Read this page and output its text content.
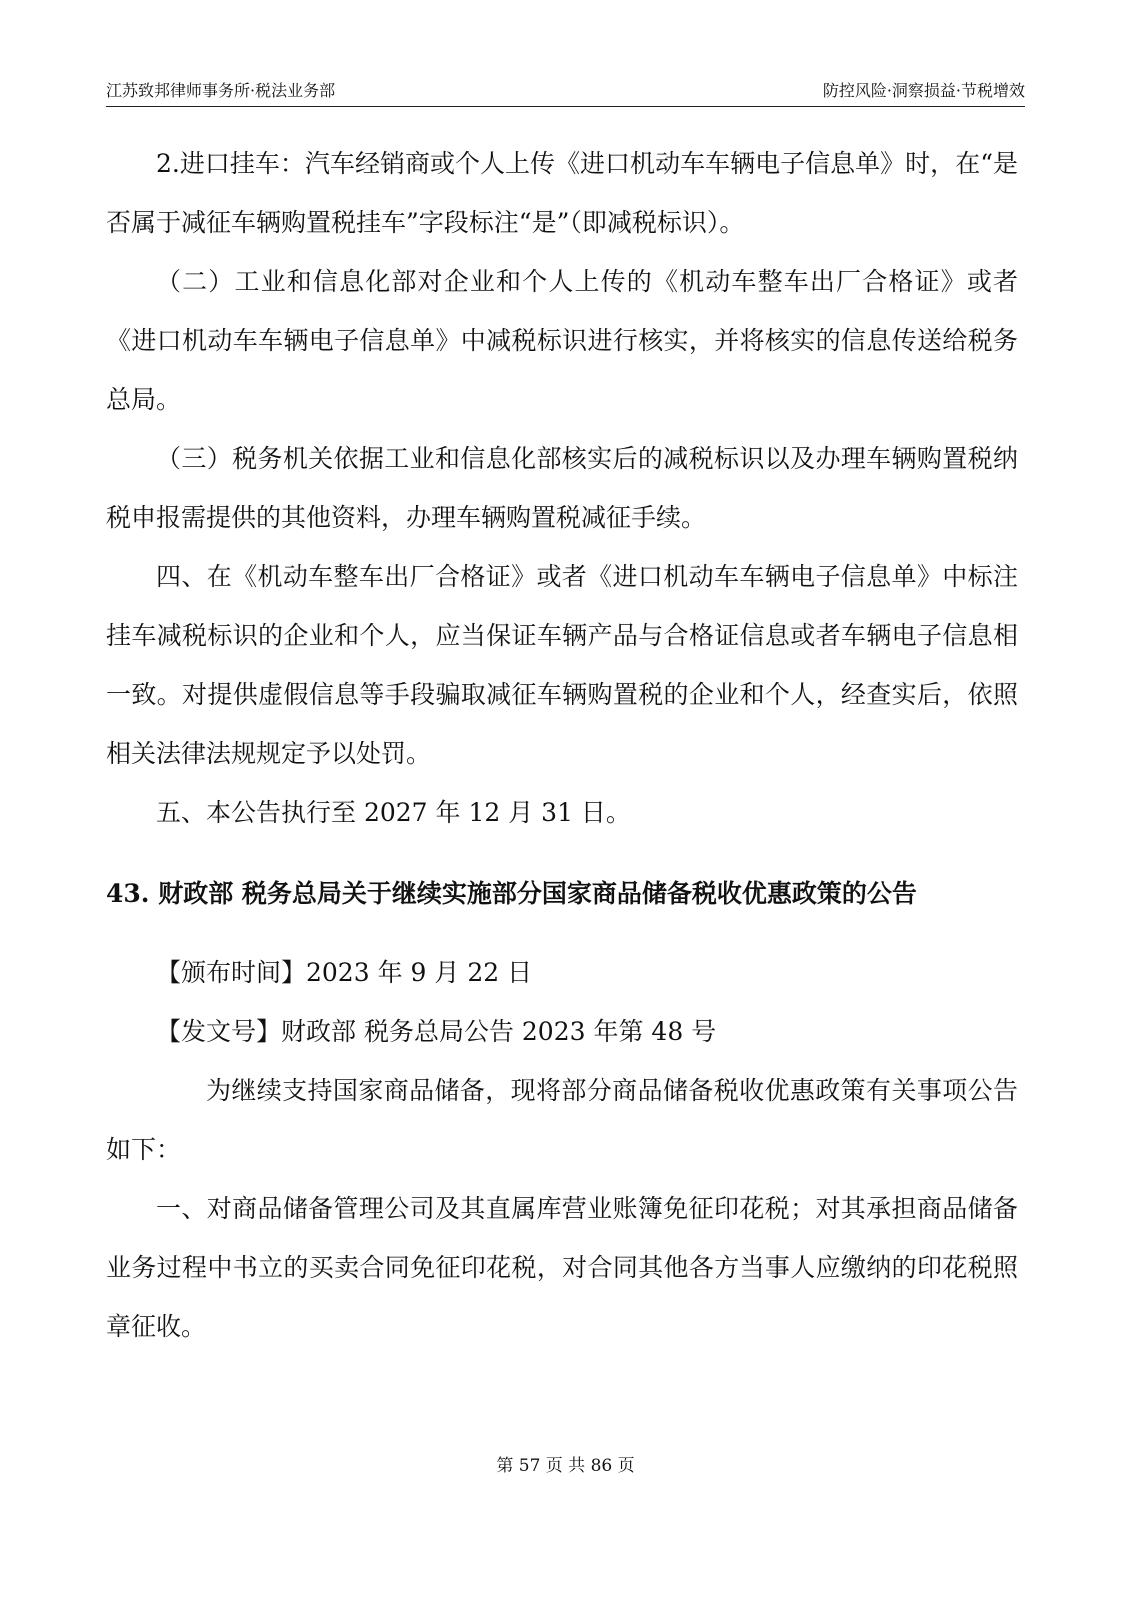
江苏致邦律师事务所·税法业务部	防控风险·洞察损益·节税增效

2.进口挂车：汽车经销商或个人上传《进口机动车车辆电子信息单》时，在“是否属于减征车辆购置税挂车”字段标注“是”（即减税标识）。

（二）工业和信息化部对企业和个人上传的《机动车整车出厂合格证》或者《进口机动车车辆电子信息单》中减税标识进行核实，并将核实的信息传送给税务总局。

（三）税务机关依据工业和信息化部核实后的减税标识以及办理车辆购置税纳税申报需提供的其他资料，办理车辆购置税减征手续。

四、在《机动车整车出厂合格证》或者《进口机动车车辆电子信息单》中标注挂车减税标识的企业和个人，应当保证车辆产品与合格证信息或者车辆电子信息相一致。对提供虚假信息等手段骗取减征车辆购置税的企业和个人，经查实后，依照相关法律法规规定予以处罚。

五、本公告执行至 2027 年 12 月 31 日。

43. 财政部 税务总局关于继续实施部分国家商品储备税收优惠政策的公告

【颁布时间】2023 年 9 月 22 日

【发文号】财政部 税务总局公告 2023 年第 48 号

为继续支持国家商品储备，现将部分商品储备税收优惠政策有关事项公告如下：

一、对商品储备管理公司及其直属库营业账簿免征印花税；对其承担商品储备业务过程中书立的买卖合同免征印花税，对合同其他各方当事人应缴纳的印花税照章征收。

第 57 页 共 86 页
